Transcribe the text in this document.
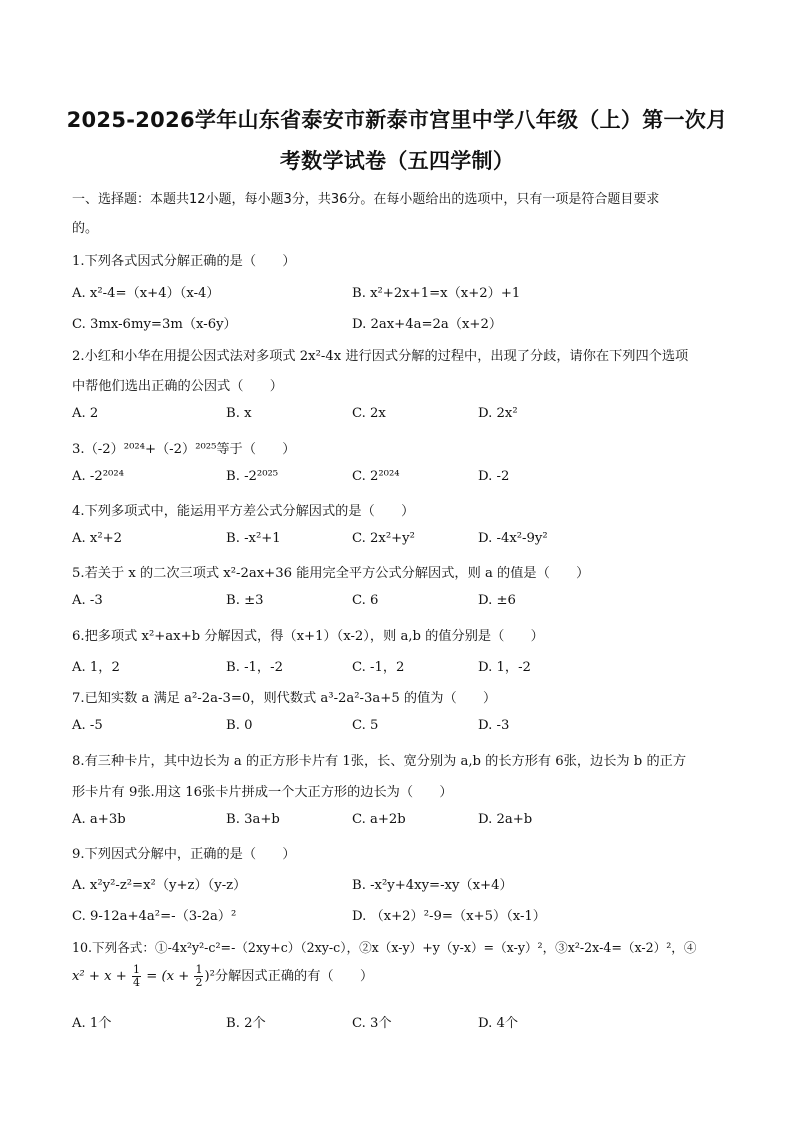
2025-2026学年山东省泰安市新泰市宫里中学八年级（上）第一次月
考数学试卷（五四学制）
一、选择题：本题共12小题，每小题3分，共36分。在每小题给出的选项中，只有一项是符合题目要求
的。
1.下列各式因式分解正确的是（　　）
A. x²-4=（x+4）（x-4）	B. x²+2x+1=x（x+2）+1
C. 3mx-6my=3m（x-6y）	D. 2ax+4a=2a（x+2）
2.小红和小华在用提公因式法对多项式 2x²-4x 进行因式分解的过程中，出现了分歧，请你在下列四个选项
中帮他们选出正确的公因式（　　）
A. 2	B. x	C. 2x	D. 2x²
3.（-2）²⁰²⁴+（-2）²⁰²⁵等于（　　）
A. -2²⁰²⁴	B. -2²⁰²⁵	C. 2²⁰²⁴	D. -2
4.下列多项式中，能运用平方差公式分解因式的是（　　）
A. x²+2	B. -x²+1	C. 2x²+y²	D. -4x²-9y²
5.若关于 x 的二次三项式 x²-2ax+36 能用完全平方公式分解因式，则 a 的值是（　　）
A. -3	B. ±3	C. 6	D. ±6
6.把多项式 x²+ax+b 分解因式，得（x+1）（x-2），则 a,b 的值分别是（　　）
A. 1，2	B. -1，-2	C. -1，2	D. 1，-2
7.已知实数 a 满足 a²-2a-3=0，则代数式 a³-2a²-3a+5 的值为（　　）
A. -5	B. 0	C. 5	D. -3
8.有三种卡片，其中边长为 a 的正方形卡片有 1张，长、宽分别为 a,b 的长方形有 6张，边长为 b 的正方
形卡片有 9张.用这 16张卡片拼成一个大正方形的边长为（　　）
A. a+3b	B. 3a+b	C. a+2b	D. 2a+b
9.下列因式分解中，正确的是（　　）
A. x²y²-z²=x²（y+z）（y-z）	B. -x²y+4xy=-xy（x+4）
C. 9-12a+4a²=-（3-2a）²	D. （x+2）²-9=（x+5）（x-1）
10.下列各式：①-4x²y²-c²=-（2xy+c）（2xy-c），②x（x-y）+y（y-x）=（x-y）²，③x²-2x-4=（x-2）²，④
$x^2 + x + \frac{1}{4} = (x + \frac{1}{2} )^2$分解因式正确的有（　　）
A. 1个	B. 2个	C. 3个	D. 4个
